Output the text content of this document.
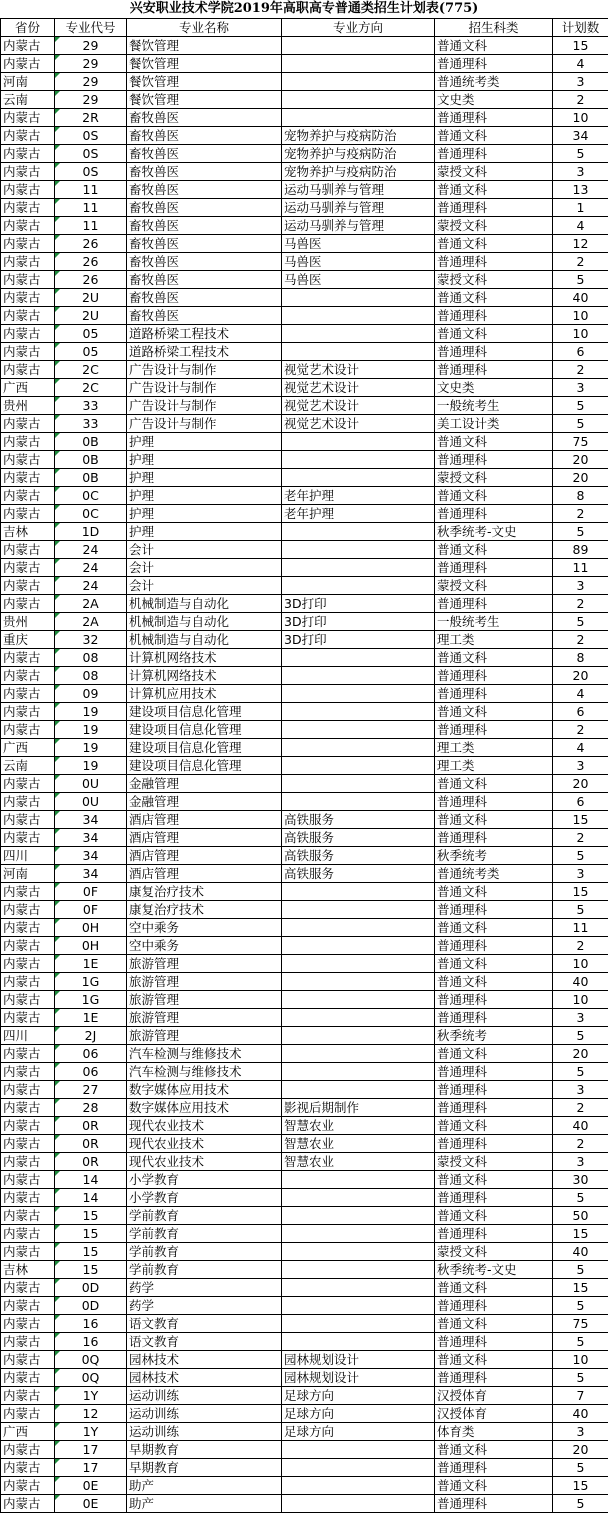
兴安职业技术学院2019年高职高专普通类招生计划表(775)
省份	专业代号	专业名称	专业方向	招生科类	计划数
内蒙古	29	餐饮管理		普通文科	15
内蒙古	29	餐饮管理		普通理科	4
河南	29	餐饮管理		普通统考类	3
云南	29	餐饮管理		文史类	2
内蒙古	2R	畜牧兽医		普通理科	10
内蒙古	0S	畜牧兽医	宠物养护与疫病防治	普通文科	34
内蒙古	0S	畜牧兽医	宠物养护与疫病防治	普通理科	5
内蒙古	0S	畜牧兽医	宠物养护与疫病防治	蒙授文科	3
内蒙古	11	畜牧兽医	运动马驯养与管理	普通文科	13
内蒙古	11	畜牧兽医	运动马驯养与管理	普通理科	1
内蒙古	11	畜牧兽医	运动马驯养与管理	蒙授文科	4
内蒙古	26	畜牧兽医	马兽医	普通文科	12
内蒙古	26	畜牧兽医	马兽医	普通理科	2
内蒙古	26	畜牧兽医	马兽医	蒙授文科	5
内蒙古	2U	畜牧兽医		普通文科	40
内蒙古	2U	畜牧兽医		普通理科	10
内蒙古	05	道路桥梁工程技术		普通文科	10
内蒙古	05	道路桥梁工程技术		普通理科	6
内蒙古	2C	广告设计与制作	视觉艺术设计	普通理科	2
广西	2C	广告设计与制作	视觉艺术设计	文史类	3
贵州	33	广告设计与制作	视觉艺术设计	一般统考生	5
内蒙古	33	广告设计与制作	视觉艺术设计	美工设计类	5
内蒙古	0B	护理		普通文科	75
内蒙古	0B	护理		普通理科	20
内蒙古	0B	护理		蒙授文科	20
内蒙古	0C	护理	老年护理	普通文科	8
内蒙古	0C	护理	老年护理	普通理科	2
吉林	1D	护理		秋季统考-文史	5
内蒙古	24	会计		普通文科	89
内蒙古	24	会计		普通理科	11
内蒙古	24	会计		蒙授文科	3
内蒙古	2A	机械制造与自动化	3D打印	普通理科	2
贵州	2A	机械制造与自动化	3D打印	一般统考生	5
重庆	32	机械制造与自动化	3D打印	理工类	2
内蒙古	08	计算机网络技术		普通文科	8
内蒙古	08	计算机网络技术		普通理科	20
内蒙古	09	计算机应用技术		普通理科	4
内蒙古	19	建设项目信息化管理		普通文科	6
内蒙古	19	建设项目信息化管理		普通理科	2
广西	19	建设项目信息化管理		理工类	4
云南	19	建设项目信息化管理		理工类	3
内蒙古	0U	金融管理		普通文科	20
内蒙古	0U	金融管理		普通理科	6
内蒙古	34	酒店管理	高铁服务	普通文科	15
内蒙古	34	酒店管理	高铁服务	普通理科	2
四川	34	酒店管理	高铁服务	秋季统考	5
河南	34	酒店管理	高铁服务	普通统考类	3
内蒙古	0F	康复治疗技术		普通文科	15
内蒙古	0F	康复治疗技术		普通理科	5
内蒙古	0H	空中乘务		普通文科	11
内蒙古	0H	空中乘务		普通理科	2
内蒙古	1E	旅游管理		普通文科	10
内蒙古	1G	旅游管理		普通文科	40
内蒙古	1G	旅游管理		普通理科	10
内蒙古	1E	旅游管理		普通理科	3
四川	2J	旅游管理		秋季统考	5
内蒙古	06	汽车检测与维修技术		普通文科	20
内蒙古	06	汽车检测与维修技术		普通理科	5
内蒙古	27	数字媒体应用技术		普通理科	3
内蒙古	28	数字媒体应用技术	影视后期制作	普通理科	2
内蒙古	0R	现代农业技术	智慧农业	普通文科	40
内蒙古	0R	现代农业技术	智慧农业	普通理科	2
内蒙古	0R	现代农业技术	智慧农业	蒙授文科	3
内蒙古	14	小学教育		普通文科	30
内蒙古	14	小学教育		普通理科	5
内蒙古	15	学前教育		普通文科	50
内蒙古	15	学前教育		普通理科	15
内蒙古	15	学前教育		蒙授文科	40
吉林	15	学前教育		秋季统考-文史	5
内蒙古	0D	药学		普通文科	15
内蒙古	0D	药学		普通理科	5
内蒙古	16	语文教育		普通文科	75
内蒙古	16	语文教育		普通理科	5
内蒙古	0Q	园林技术	园林规划设计	普通文科	10
内蒙古	0Q	园林技术	园林规划设计	普通理科	5
内蒙古	1Y	运动训练	足球方向	汉授体育	7
内蒙古	12	运动训练	足球方向	汉授体育	40
广西	1Y	运动训练	足球方向	体育类	3
内蒙古	17	早期教育		普通文科	20
内蒙古	17	早期教育		普通理科	5
内蒙古	0E	助产		普通文科	15
内蒙古	0E	助产		普通理科	5
